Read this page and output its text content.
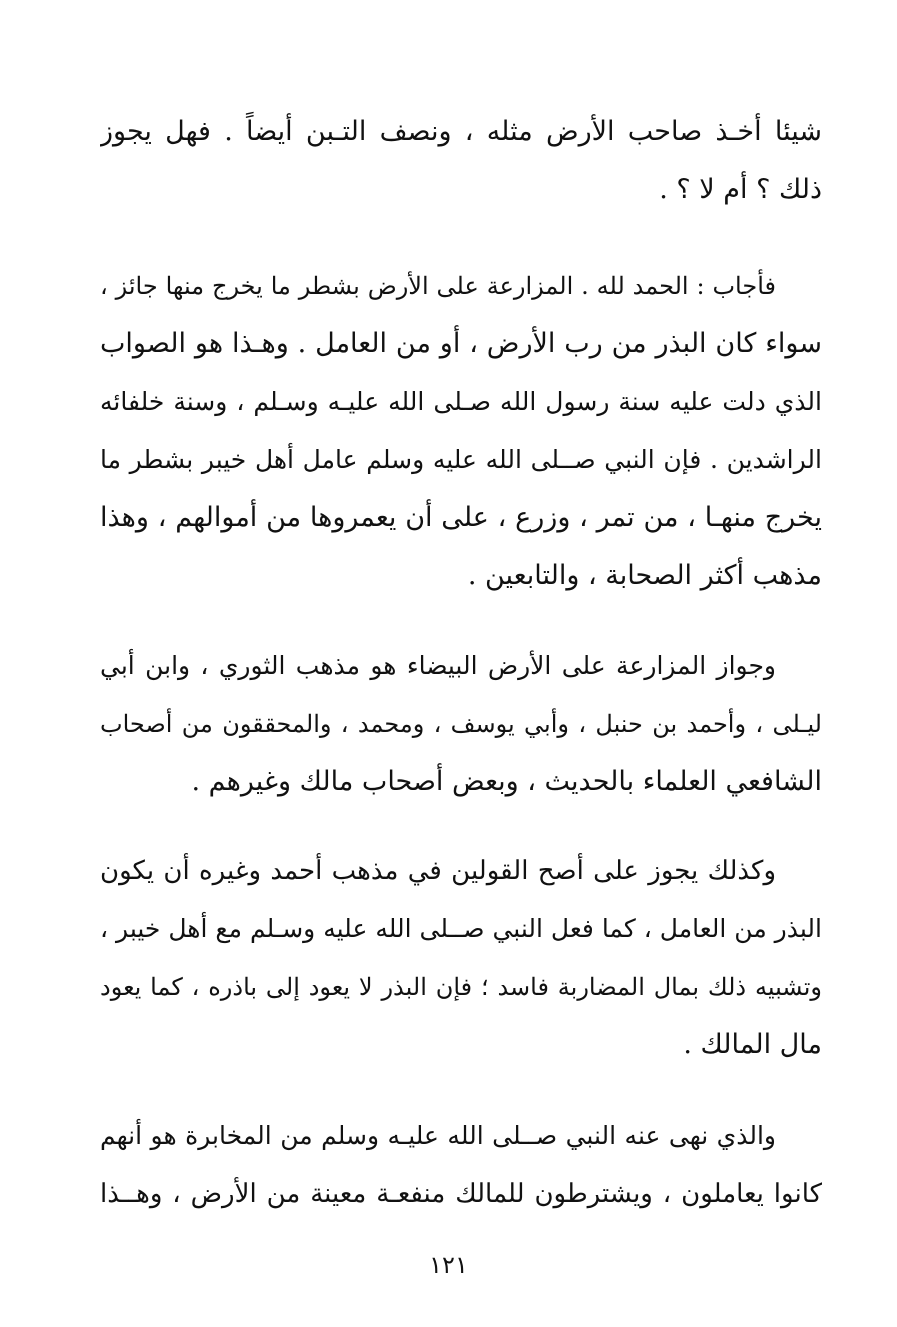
شيئا أخـذ صاحب الأرض مثله ، ونصف التـبن أيضاً . فهل يجوز
ذلك ؟ أم لا ؟ .
فأجاب : الحمد لله . المزارعة على الأرض بشطر ما يخرج منها جائز ،
سواء كان البذر من رب الأرض ، أو من العامل . وهـذا هو الصواب
الذي دلت عليه سنة رسول الله صـلى الله عليـه وسـلم ، وسنة خلفائه
الراشدين . فإن النبي صــلى الله عليه وسلم عامل أهل خيبر بشطر ما
يخرج منهـا ، من تمر ، وزرع ، على أن يعمروها من أموالهم ، وهذا
مذهب أكثر الصحابة ، والتابعين .
وجواز المزارعة على الأرض البيضاء هو مذهب الثوري ، وابن أبي
ليـلى ، وأحمد بن حنبل ، وأبي يوسف ، ومحمد ، والمحققون من أصحاب
الشافعي العلماء بالحديث ، وبعض أصحاب مالك وغيرهم .
وكذلك يجوز على أصح القولين في مذهب أحمد وغيره أن يكون
البذر من العامل ، كما فعل النبي صــلى الله عليه وسـلم مع أهل خيبر ،
وتشبيه ذلك بمال المضاربة فاسد ؛ فإن البذر لا يعود إلى باذره ، كما يعود
مال المالك .
والذي نهى عنه النبي صــلى الله عليـه وسلم من المخابرة هو أنهم
كانوا يعاملون ، ويشترطون للمالك منفعـة معينة من الأرض ، وهــذا
١٢١
